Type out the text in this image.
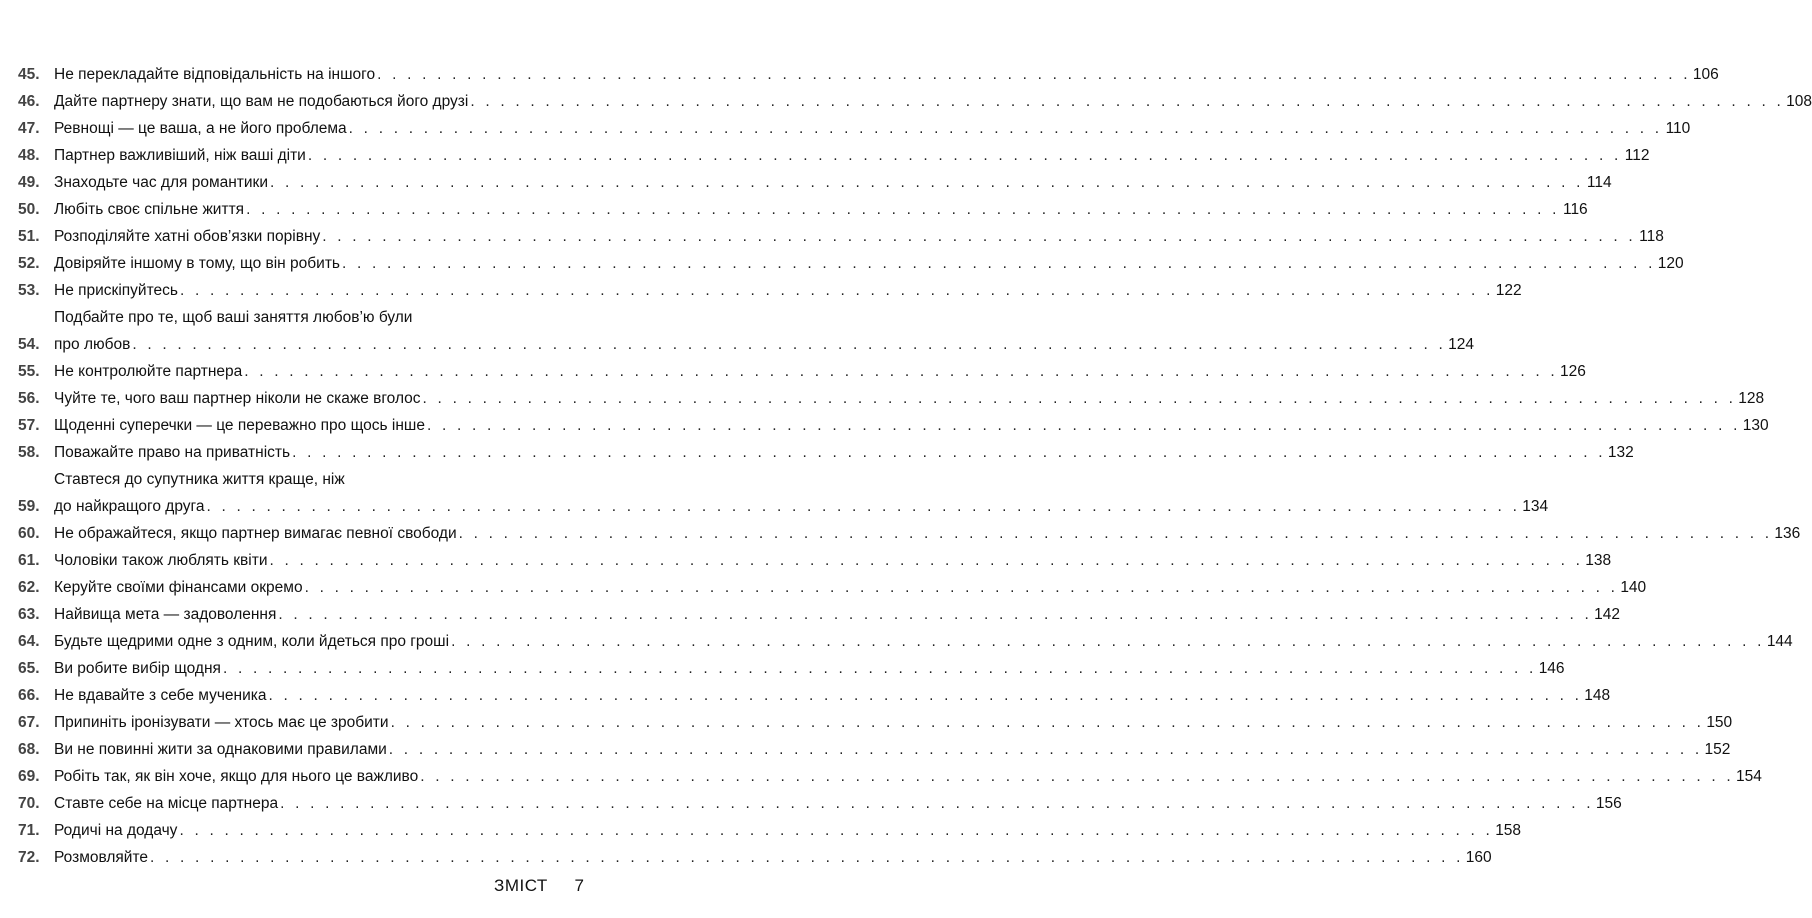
45. Не перекладайте відповідальність на іншого . . .	106
46. Дайте партнеру знати, що вам не подобаються його друзі . . .	108
47. Ревнощі — це ваша, а не його проблема . . .	110
48. Партнер важливіший, ніж ваші діти . . .	112
49. Знаходьте час для романтики . . .	114
50. Любіть своє спільне життя . . .	116
51. Розподіляйте хатні обов’язки порівну . . .	118
52. Довіряйте іншому в тому, що він робить . . .	120
53. Не прискіпуйтесь . . .	122
54.
Подбайте про те, щоб ваші заняття любов’ю були
про любов . . .	124
55. Не контролюйте партнера . . .	126
56. Чуйте те, чого ваш партнер ніколи не скаже вголос . . .	128
57. Щоденні суперечки — це переважно про щось інше . . .	130
58. Поважайте право на приватність . . .	132
59.
Ставтеся до супутника життя краще, ніж
до найкращого друга . . .	134
60. Не ображайтеся, якщо партнер вимагає певної свободи . . .	136
61. Чоловіки також люблять квіти . . .	138
62. Керуйте своїми фінансами окремо . . .	140
63. Найвища мета — задоволення . . .	142
64. Будьте щедрими одне з одним, коли йдеться про гроші . . .	144
65. Ви робите вибір щодня . . .	146
66. Не вдавайте з себе мученика . . .	148
67. Припиніть іронізувати — хтось має це зробити . . .	150
68. Ви не повинні жити за однаковими правилами . . .	152
69. Робіть так, як він хоче, якщо для нього це важливо . . .	154
70. Ставте себе на місце партнера . . .	156
71. Родичі на додачу . . .	158
72. Розмовляйте . . .	160
ЗМІСТ 7
